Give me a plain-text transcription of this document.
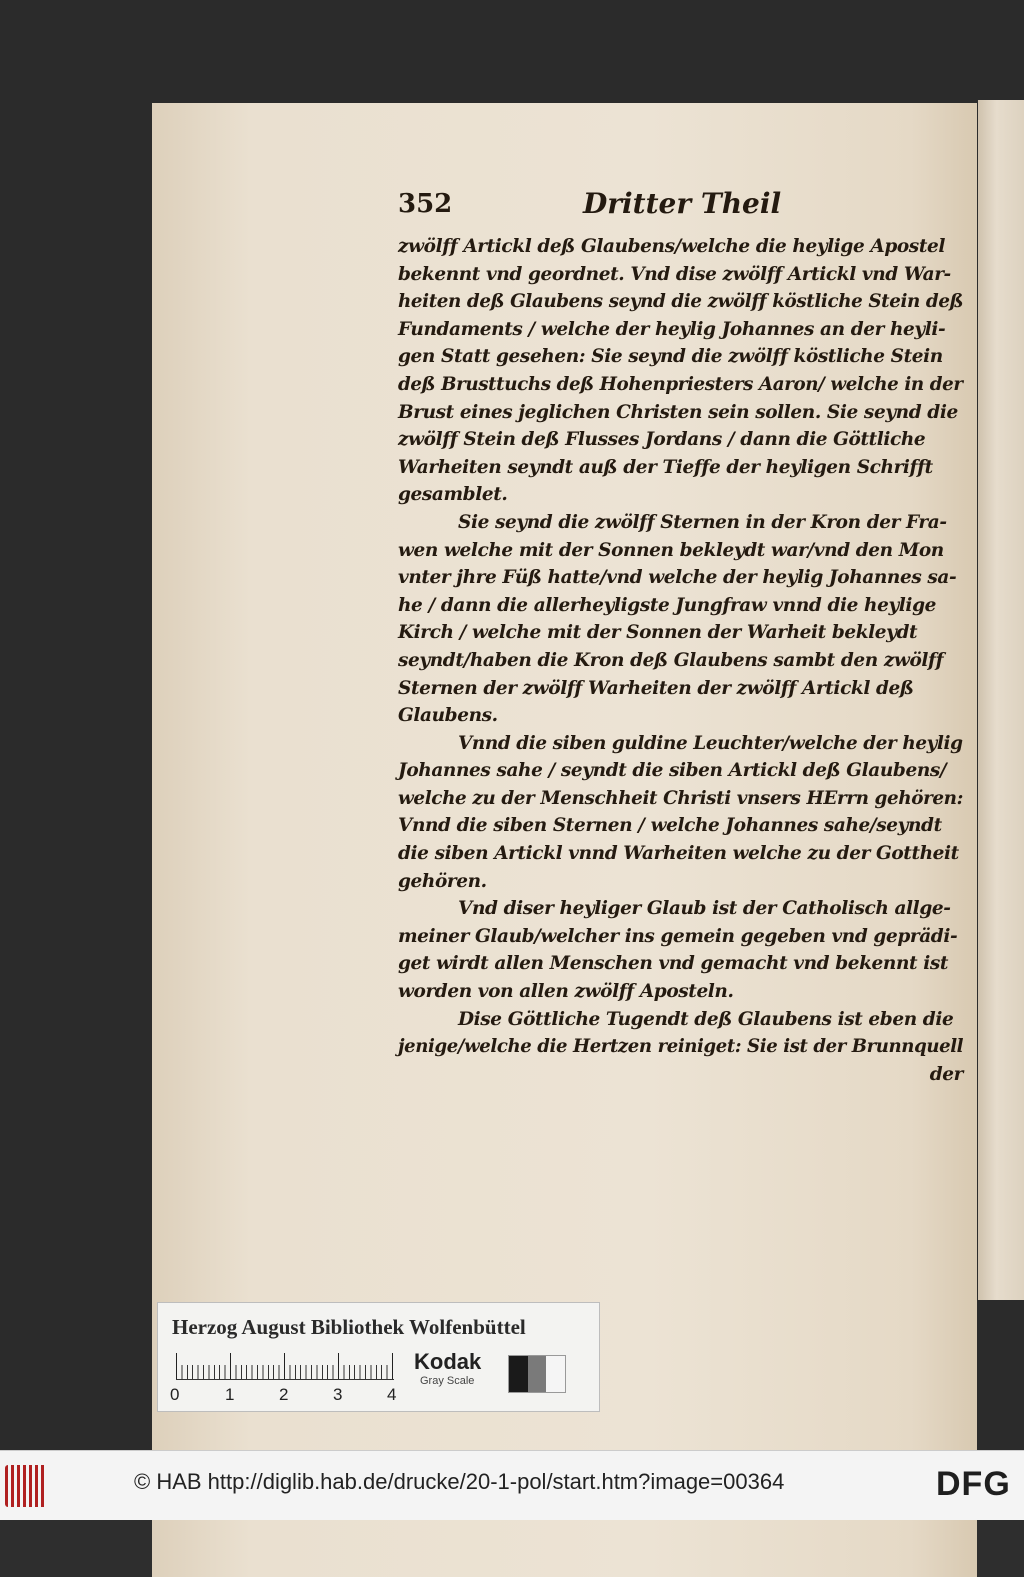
352	Dritter Theil
zwölff Artickl deß Glaubens/welche die heylige Apostel
bekennt vnd geordnet. Vnd dise zwölff Artickl vnd War-
heiten deß Glaubens seynd die zwölff köstliche Stein deß
Fundaments / welche der heylig Johannes an der heyli-
gen Statt gesehen: Sie seynd die zwölff köstliche Stein
deß Brusttuchs deß Hohenpriesters Aaron/ welche in der
Brust eines jeglichen Christen sein sollen. Sie seynd die
zwölff Stein deß Flusses Jordans / dann die Göttliche
Warheiten seyndt auß der Tieffe der heyligen Schrifft
gesamblet.
Sie seynd die zwölff Sternen in der Kron der Fra-
wen welche mit der Sonnen bekleydt war/vnd den Mon
vnter jhre Füß hatte/vnd welche der heylig Johannes sa-
he / dann die allerheyligste Jungfraw vnnd die heylige
Kirch / welche mit der Sonnen der Warheit bekleydt
seyndt/haben die Kron deß Glaubens sambt den zwölff
Sternen der zwölff Warheiten der zwölff Artickl deß
Glaubens.
Vnnd die siben guldine Leuchter/welche der heylig
Johannes sahe / seyndt die siben Artickl deß Glaubens/
welche zu der Menschheit Christi vnsers HErrn gehören:
Vnnd die siben Sternen / welche Johannes sahe/seyndt
die siben Artickl vnnd Warheiten welche zu der Gottheit
gehören.
Vnd diser heyliger Glaub ist der Catholisch allge-
meiner Glaub/welcher ins gemein gegeben vnd geprädi-
get wirdt allen Menschen vnd gemacht vnd bekennt ist
worden von allen zwölff Aposteln.
Dise Göttliche Tugendt deß Glaubens ist eben die
jenige/welche die Hertzen reiniget: Sie ist der Brunnquell
der
Herzog August Bibliothek Wolfenbüttel
0	1	2	3	4
Kodak
Gray Scale
© HAB http://diglib.hab.de/drucke/20-1-pol/start.htm?image=00364	DFG
